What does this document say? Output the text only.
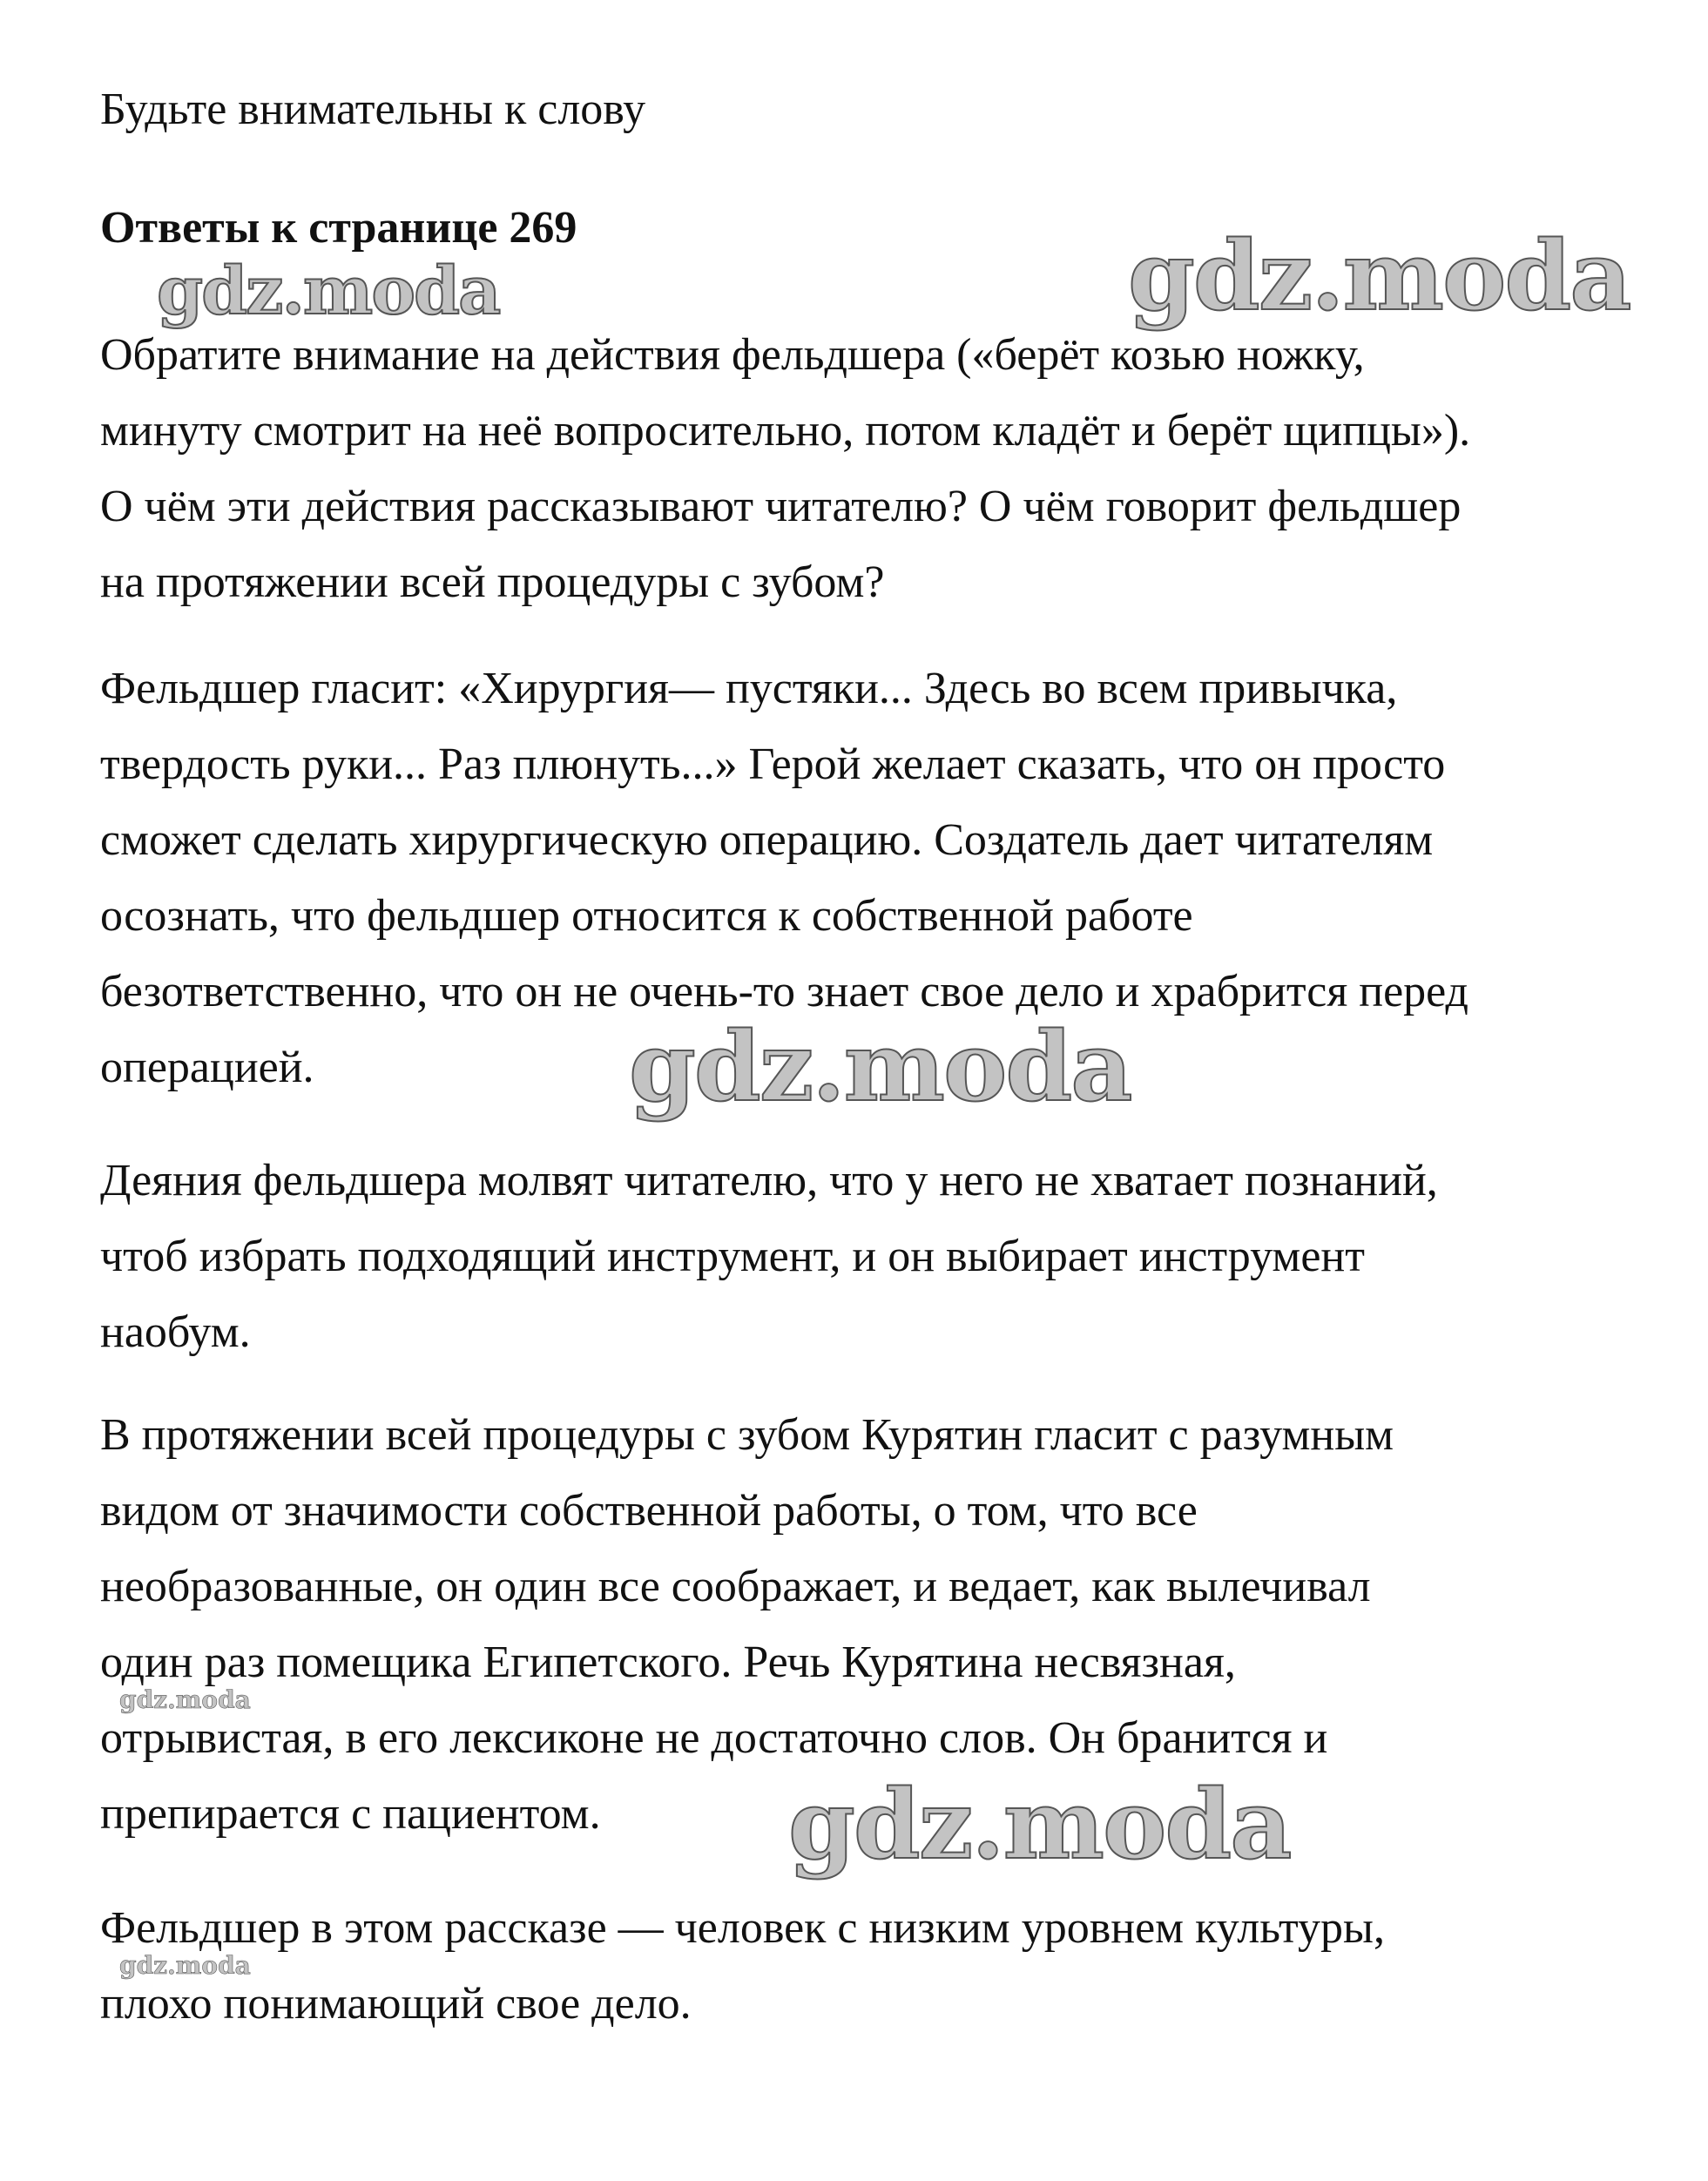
Будьте внимательны к слову
Ответы к странице 269
Обратите внимание на действия фельдшера («берёт козью ножку,
минуту смотрит на неё вопросительно, потом кладёт и берёт щипцы»).
О чём эти действия рассказывают читателю? О чём говорит фельдшер
на протяжении всей процедуры с зубом?
Фельдшер гласит: «Хирургия— пустяки... Здесь во всем привычка,
твердость руки... Раз плюнуть...» Герой желает сказать, что он просто
сможет сделать хирургическую операцию. Создатель дает читателям
осознать, что фельдшер относится к собственной работе
безответственно, что он не очень-то знает свое дело и храбрится перед
операцией.
Деяния фельдшера молвят читателю, что у него не хватает познаний,
чтоб избрать подходящий инструмент, и он выбирает инструмент
наобум.
В протяжении всей процедуры с зубом Курятин гласит с разумным
видом от значимости собственной работы, о том, что все
необразованные, он один все соображает, и ведает, как вылечивал
один раз помещика Египетского. Речь Курятина несвязная,
отрывистая, в его лексиконе не достаточно слов. Он бранится и
препирается с пациентом.
Фельдшер в этом рассказе — человек с низким уровнем культуры,
плохо понимающий свое дело.
gdz.moda	gdz.moda
gdz.moda
gdz.moda
gdz.moda
gdz.moda
